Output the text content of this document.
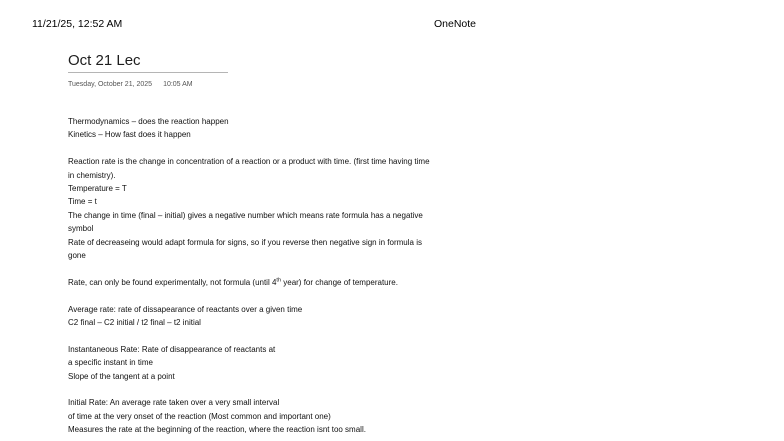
11/21/25, 12:52 AM	OneNote
Oct 21 Lec
Tuesday, October 21, 2025 10:05 AM

Thermodynamics – does the reaction happen

Kinetics – How fast does it happen

Reaction rate is the change in concentration of a reaction or a product with time. (first time having time

in chemistry).

Temperature = T

Time = t

The change in time (final – initial) gives a negative number which means rate formula has a negative

symbol

Rate of decreaseing would adapt formula for signs, so if you reverse then negative sign in formula is

gone

Rate, can only be found experimentally, not formula (until 4th year) for change of temperature.

Average rate: rate of dissapearance of reactants over a given time

C2 final – C2 initial / t2 final – t2 initial

Instantaneous Rate: Rate of disappearance of reactants at

a specific instant in time

Slope of the tangent at a point

Initial Rate: An average rate taken over a very small interval

of time at the very onset of the reaction (Most common and important one)

Measures the rate at the beginning of the reaction, where the reaction isnt too small.
